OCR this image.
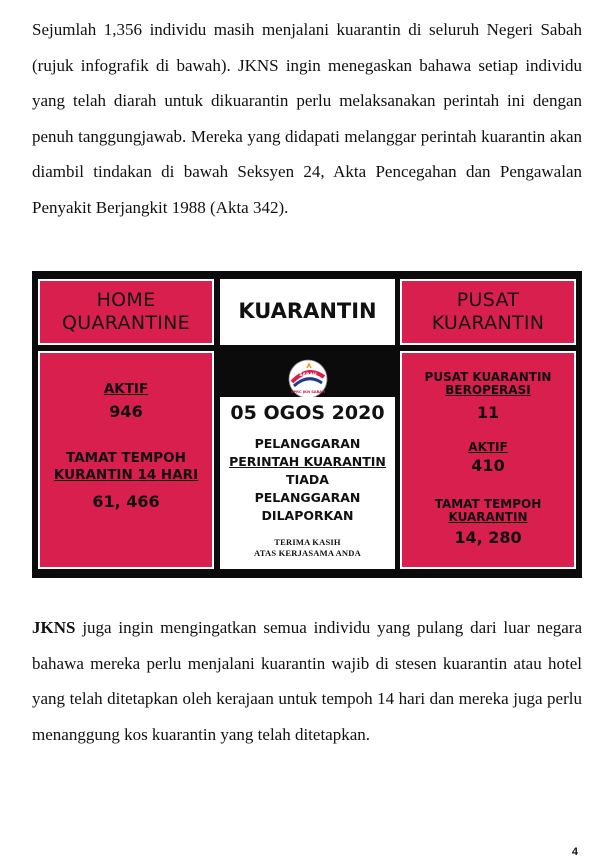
Sejumlah 1,356 individu masih menjalani kuarantin di seluruh Negeri Sabah (rujuk infografik di bawah). JKNS ingin menegaskan bahawa setiap individu yang telah diarah untuk dikuarantin perlu melaksanakan perintah ini dengan penuh tanggungjawab. Mereka yang didapati melanggar perintah kuarantin akan diambil tindakan di bawah Seksyen 24, Akta Pencegahan dan Pengawalan Penyakit Berjangkit 1988 (Akta 342).

HOME
QUARANTINE	KUARANTIN	PUSAT
KUARANTIN
AKTIF
946
TAMAT TEMPOH
KURANTIN 14 HARI
61, 466
SABAH
CPRC JKN SABAH
05 OGOS 2020
PELANGGARAN
PERINTAH KUARANTIN
TIADA
PELANGGARAN
DILAPORKAN
TERIMA KASIH
ATAS KERJASAMA ANDA
PUSAT KUARANTIN
BEROPERASI
11
AKTIF
410
TAMAT TEMPOH
KUARANTIN
14, 280

JKNS juga ingin mengingatkan semua individu yang pulang dari luar negara bahawa mereka perlu menjalani kuarantin wajib di stesen kuarantin atau hotel yang telah ditetapkan oleh kerajaan untuk tempoh 14 hari dan mereka juga perlu menanggung kos kuarantin yang telah ditetapkan.

4
